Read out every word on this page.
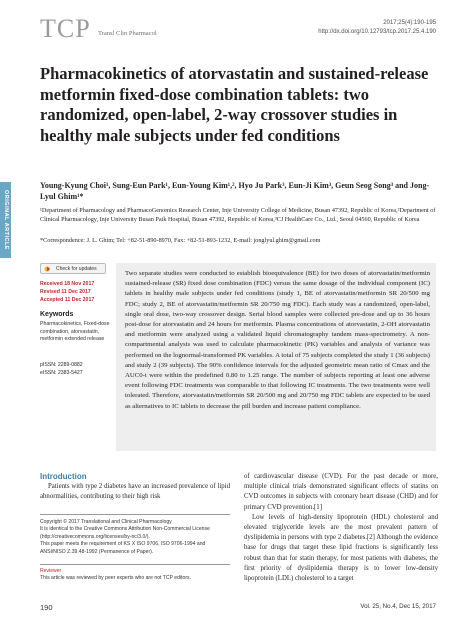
TCP Transl Clin Pharmacol
2017;25(4):190-195
http://dx.doi.org/10.12793/tcp.2017.25.4.190
ORIGINAL ARTICLE
Pharmacokinetics of atorvastatin and sustained-release metformin fixed-dose combination tablets: two randomized, open-label, 2-way crossover studies in healthy male subjects under fed conditions
Young-Kyung Choi¹, Sung-Eun Park¹, Eun-Young Kim¹,², Hyo Ju Park³, Eun-Ji Kim³, Geun Seog Song³ and Jong-Lyul Ghim¹*
¹Department of Pharmacology and PharmacoGenomics Research Center, Inje University College of Medicine, Busan 47392, Republic of Korea,²Department of Clinical Pharmacology, Inje University Busan Paik Hospital, Busan 47392, Republic of Korea,³CJ HealthCare Co., Ltd., Seoul 04560, Republic of Korea
*Correspondence: J. L. Ghim; Tel: +82-51-890-8970, Fax: +82-51-893-1232, E-mail: jonglyul.ghim@gmail.com
Check for updates
Received 18 Nov 2017
Revised 11 Dec 2017
Accepted 11 Dec 2017
Keywords
Pharmacokinetics, Fixed-dose combination, atorvastatin, metformin extended release
pISSN: 2289-0882
eISSN: 2383-5427
Two separate studies were conducted to establish bioequivalence (BE) for two doses of atorvastatin/metformin sustained-release (SR) fixed dose combination (FDC) versus the same dosage of the individual component (IC) tablets in healthy male subjects under fed conditions (study 1, BE of atorvastatin/metformin SR 20/500 mg FDC; study 2, BE of atorvastatin/metformin SR 20/750 mg FDC). Each study was a randomized, open-label, single oral dose, two-way crossover design. Serial blood samples were collected pre-dose and up to 36 hours post-dose for atorvastatin and 24 hours for metformin. Plasma concentrations of atorvastatin, 2-OH atorvastatin and metformin were analyzed using a validated liquid chromatography tandem mass-spectrometry. A non-compartmental analysis was used to calculate pharmacokinetic (PK) variables and analysis of variance was performed on the lognormal-transformed PK variables. A total of 75 subjects completed the study 1 (36 subjects) and study 2 (39 subjects). The 90% confidence intervals for the adjusted geometric mean ratio of Cmax and the AUC0-t were within the predefined 0.80 to 1.25 range. The number of subjects reporting at least one adverse event following FDC treatments was comparable to that following IC treatments. The two treatments were well tolerated. Therefore, atorvastatin/metformin SR 20/500 mg and 20/750 mg FDC tablets are expected to be used as alternatives to IC tablets to decrease the pill burden and increase patient compliance.
Introduction
Patients with type 2 diabetes have an increased prevalence of lipid abnormalities, contributing to their high risk

of cardiovascular disease (CVD). For the past decade or more, multiple clinical trials demonstrated significant effects of statins on CVD outcomes in subjects with coronary heart disease (CHD) and for primary CVD prevention.[1]

Low levels of high-density lipoprotein (HDL) cholesterol and elevated triglyceride levels are the most prevalent pattern of dyslipidemia in persons with type 2 diabetes.[2] Although the evidence base for drugs that target these lipid fractions is significantly less robust than that for statin therapy, for most patients with diabetes, the first priority of dyslipidemia therapy is to lower low-density lipoprotein (LDL) cholesterol to a target

Copyright © 2017 Translational and Clinical Pharmacology
It is identical to the Creative Commons Attribution Non-Commercial License (http://creativecommons.org/licenses/by-nc/3.0/).
This paper meets the requirement of KS X ISO 9706, ISO 9706-1994 and ANSI/NISO Z.39.48-1992 (Permanence of Paper).
Reviewer
This article was reviewed by peer experts who are not TCP editors.
190	Vol. 25, No.4, Dec 15, 2017
